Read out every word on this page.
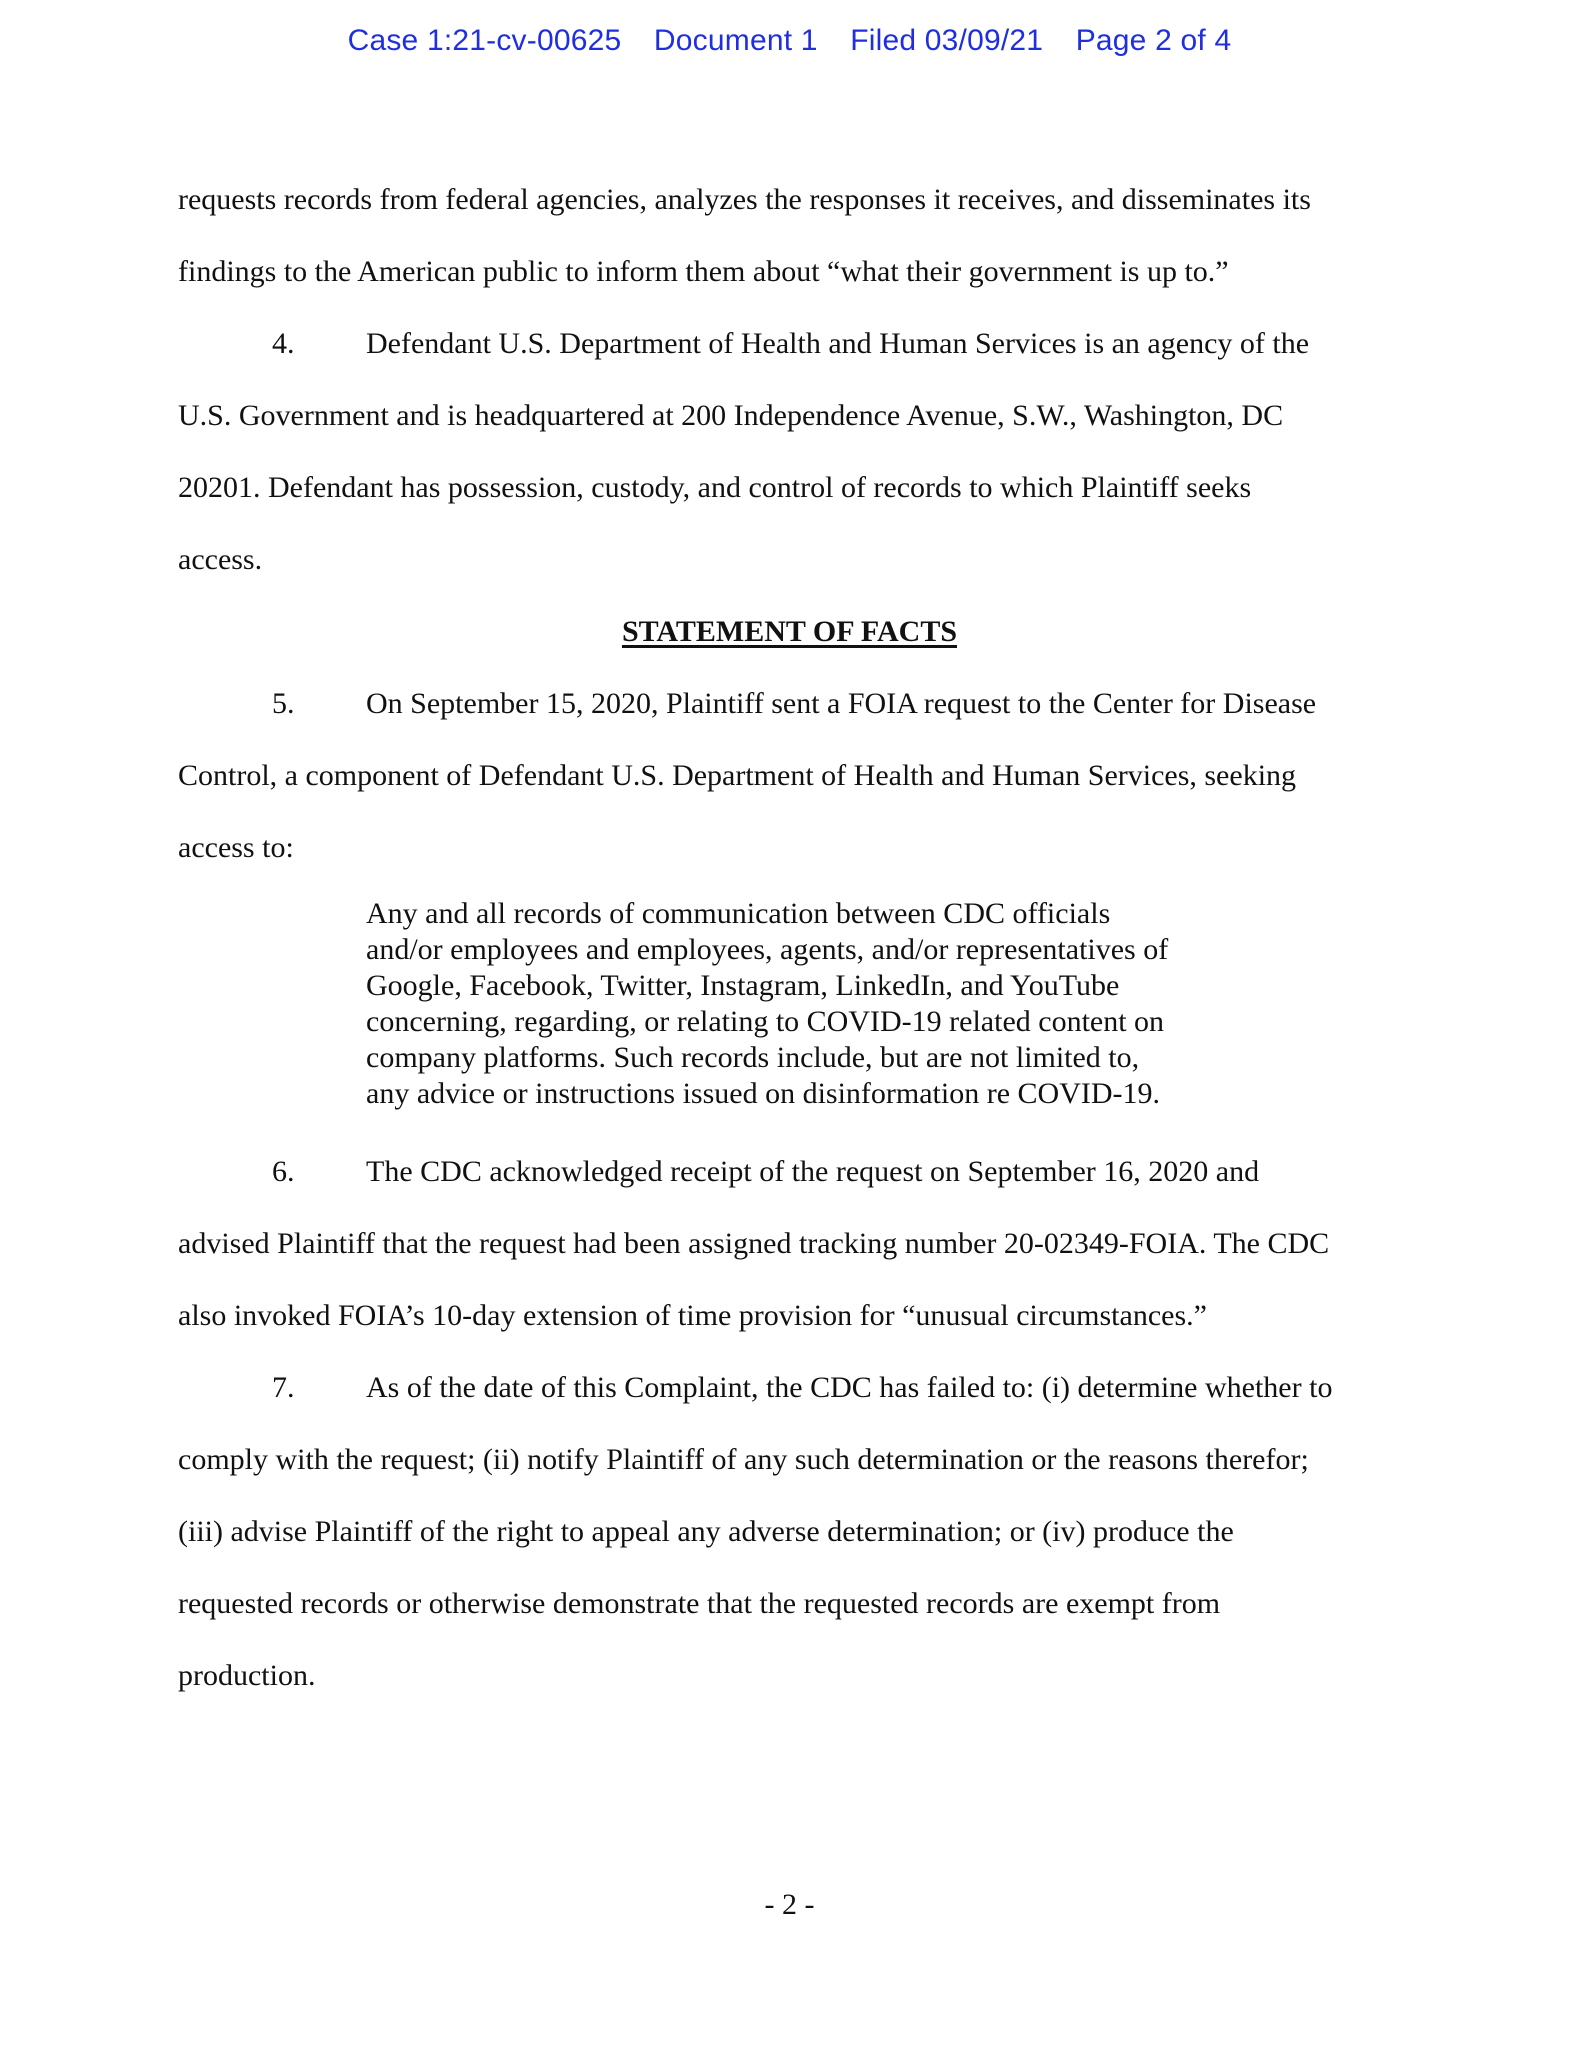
Case 1:21-cv-00625 Document 1 Filed 03/09/21 Page 2 of 4
requests records from federal agencies, analyzes the responses it receives, and disseminates its
findings to the American public to inform them about “what their government is up to.”
4. Defendant U.S. Department of Health and Human Services is an agency of the
U.S. Government and is headquartered at 200 Independence Avenue, S.W., Washington, DC
20201. Defendant has possession, custody, and control of records to which Plaintiff seeks
access.
STATEMENT OF FACTS
5. On September 15, 2020, Plaintiff sent a FOIA request to the Center for Disease
Control, a component of Defendant U.S. Department of Health and Human Services, seeking
access to:
Any and all records of communication between CDC officials
and/or employees and employees, agents, and/or representatives of
Google, Facebook, Twitter, Instagram, LinkedIn, and YouTube
concerning, regarding, or relating to COVID-19 related content on
company platforms. Such records include, but are not limited to,
any advice or instructions issued on disinformation re COVID-19.
6. The CDC acknowledged receipt of the request on September 16, 2020 and
advised Plaintiff that the request had been assigned tracking number 20-02349-FOIA. The CDC
also invoked FOIA’s 10-day extension of time provision for “unusual circumstances.”
7. As of the date of this Complaint, the CDC has failed to: (i) determine whether to
comply with the request; (ii) notify Plaintiff of any such determination or the reasons therefor;
(iii) advise Plaintiff of the right to appeal any adverse determination; or (iv) produce the
requested records or otherwise demonstrate that the requested records are exempt from
production.
- 2 -
